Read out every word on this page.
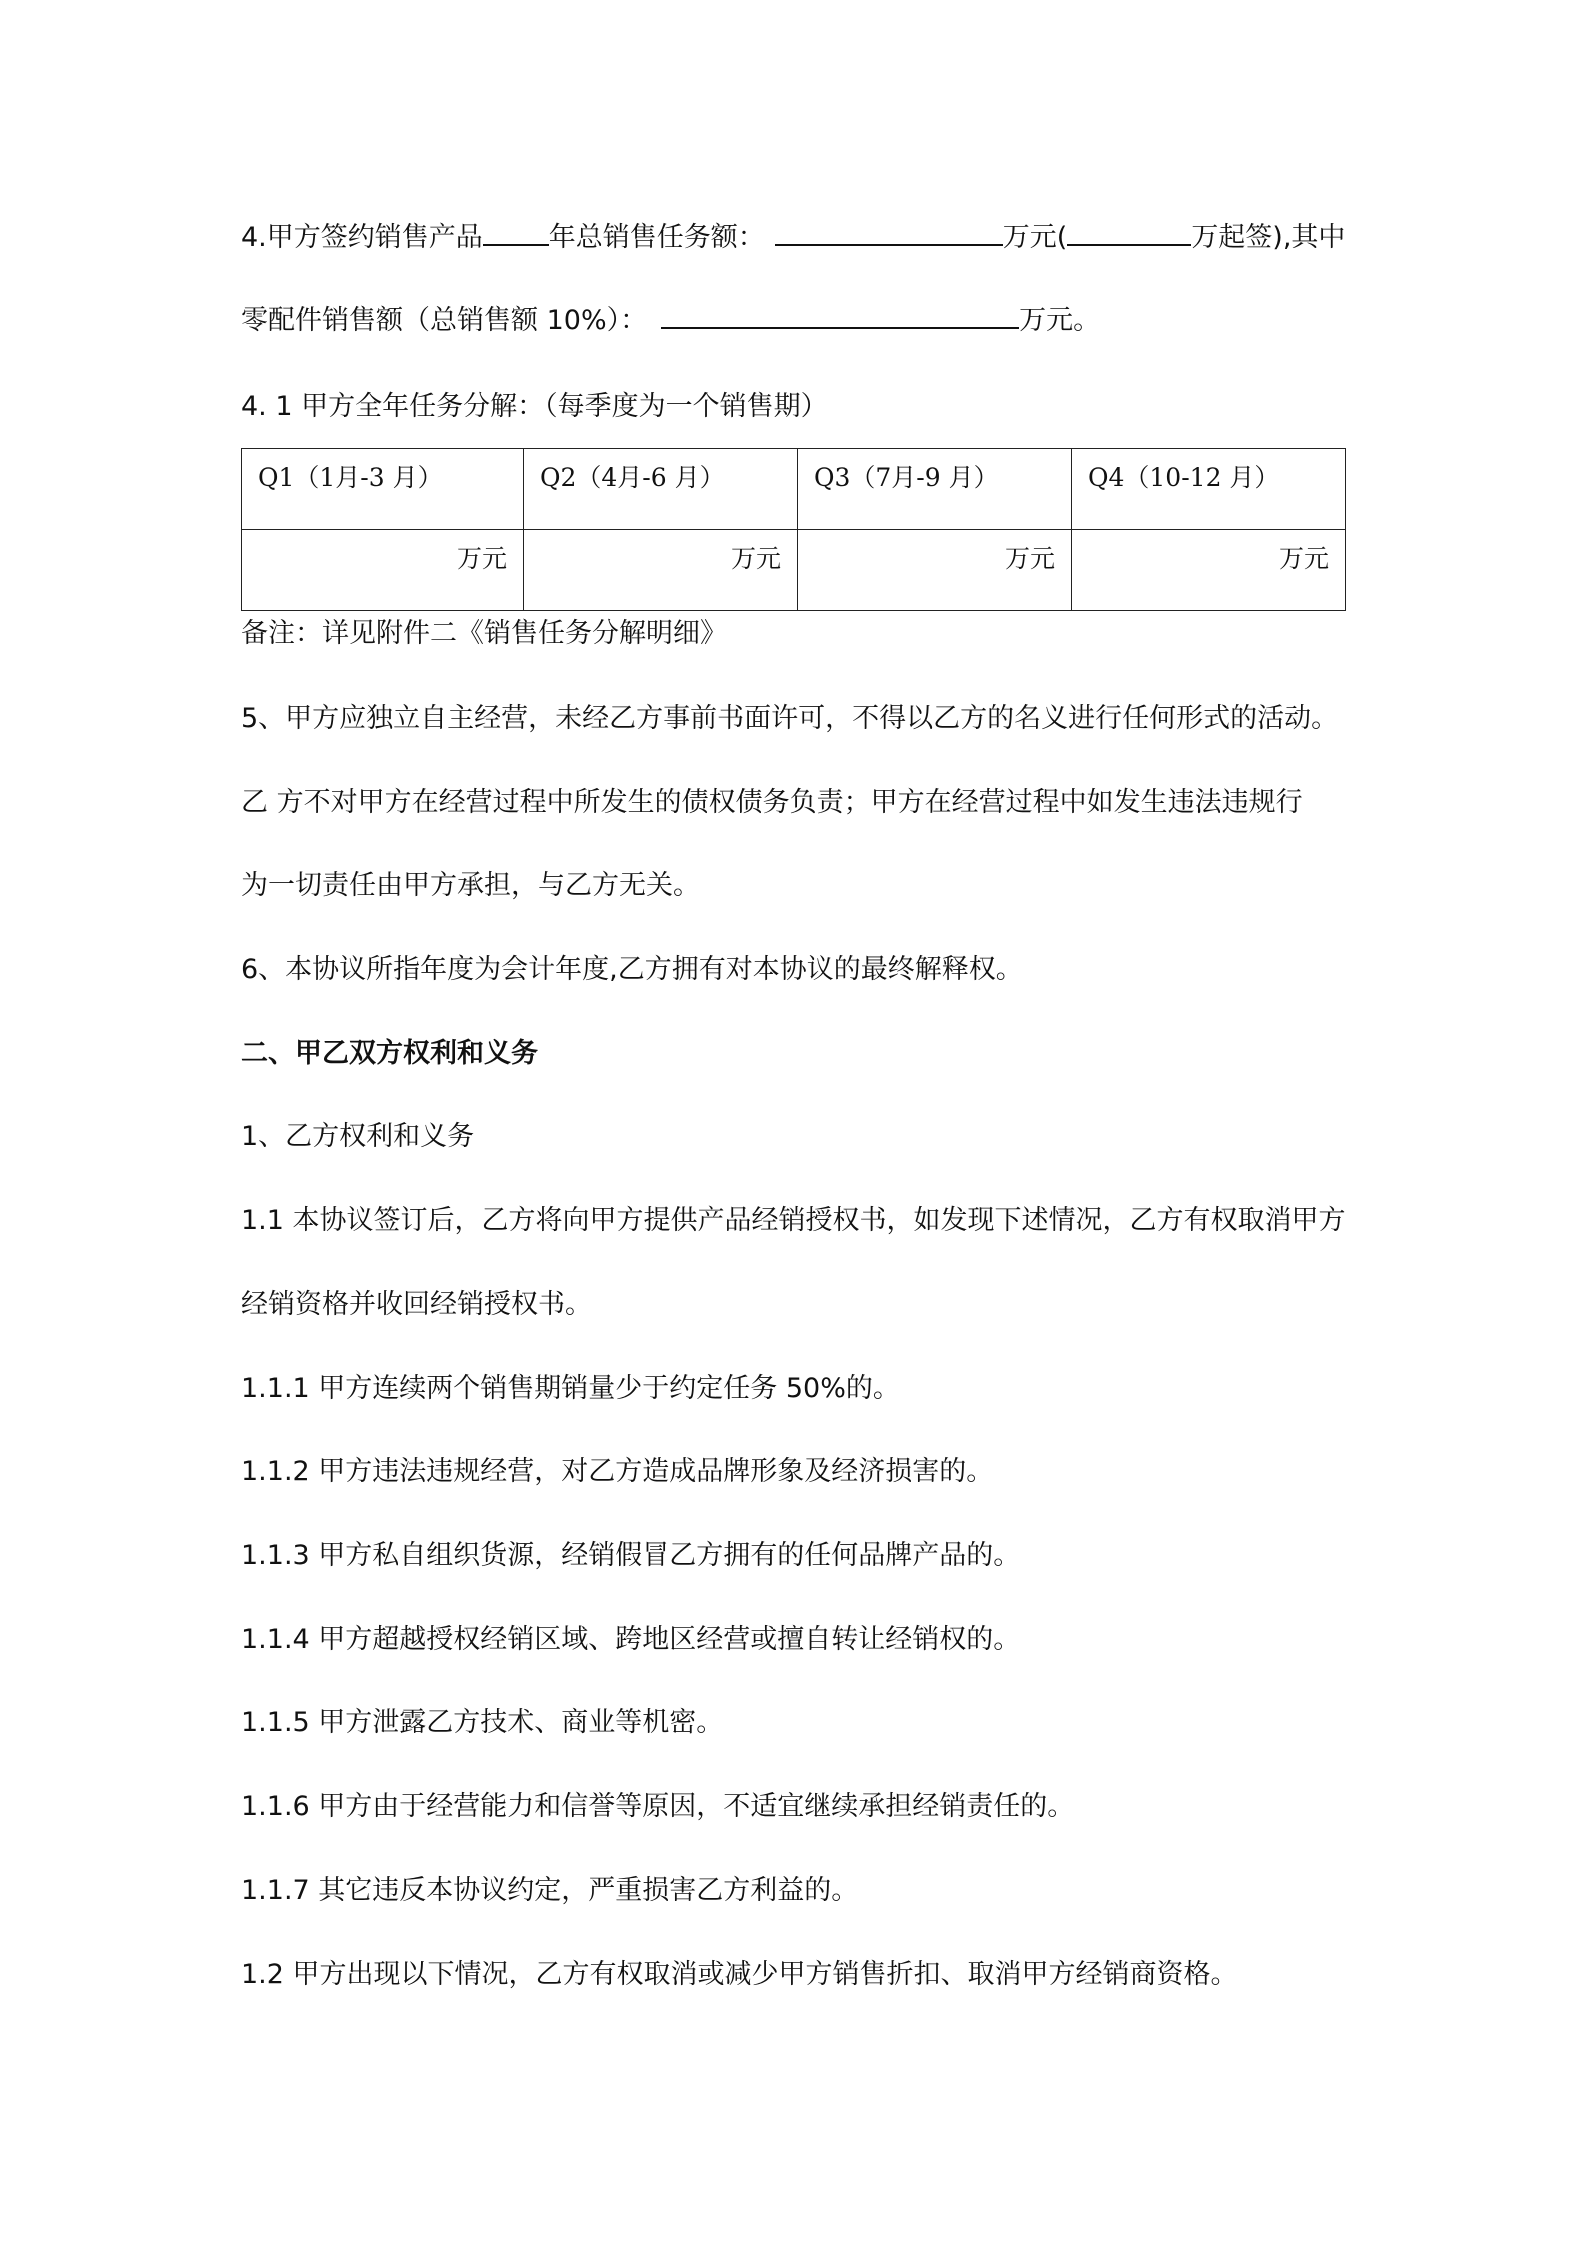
4.甲方签约销售产品 年总销售任务额：	万元(	万起签),其中
零配件销售额（总销售额 10%）：	万元。
4. 1 甲方全年任务分解：（每季度为一个销售期）
Q1（1月-3 月）	Q2（4月-6 月）	Q3（7月-9 月）	Q4（10-12 月）
万元	万元	万元	万元
备注：详见附件二《销售任务分解明细》
5、甲方应独立自主经营，未经乙方事前书面许可，不得以乙方的名义进行任何形式的活动。
乙 方不对甲方在经营过程中所发生的债权债务负责；甲方在经营过程中如发生违法违规行
为一切责任由甲方承担，与乙方无关。
6、本协议所指年度为会计年度,乙方拥有对本协议的最终解释权。
二、甲乙双方权利和义务
1、乙方权利和义务
1.1 本协议签订后，乙方将向甲方提供产品经销授权书，如发现下述情况，乙方有权取消甲方
经销资格并收回经销授权书。
1.1.1 甲方连续两个销售期销量少于约定任务 50%的。
1.1.2 甲方违法违规经营，对乙方造成品牌形象及经济损害的。
1.1.3 甲方私自组织货源，经销假冒乙方拥有的任何品牌产品的。
1.1.4 甲方超越授权经销区域、跨地区经营或擅自转让经销权的。
1.1.5 甲方泄露乙方技术、商业等机密。
1.1.6 甲方由于经营能力和信誉等原因，不适宜继续承担经销责任的。
1.1.7 其它违反本协议约定，严重损害乙方利益的。
1.2 甲方出现以下情况，乙方有权取消或减少甲方销售折扣、取消甲方经销商资格。
